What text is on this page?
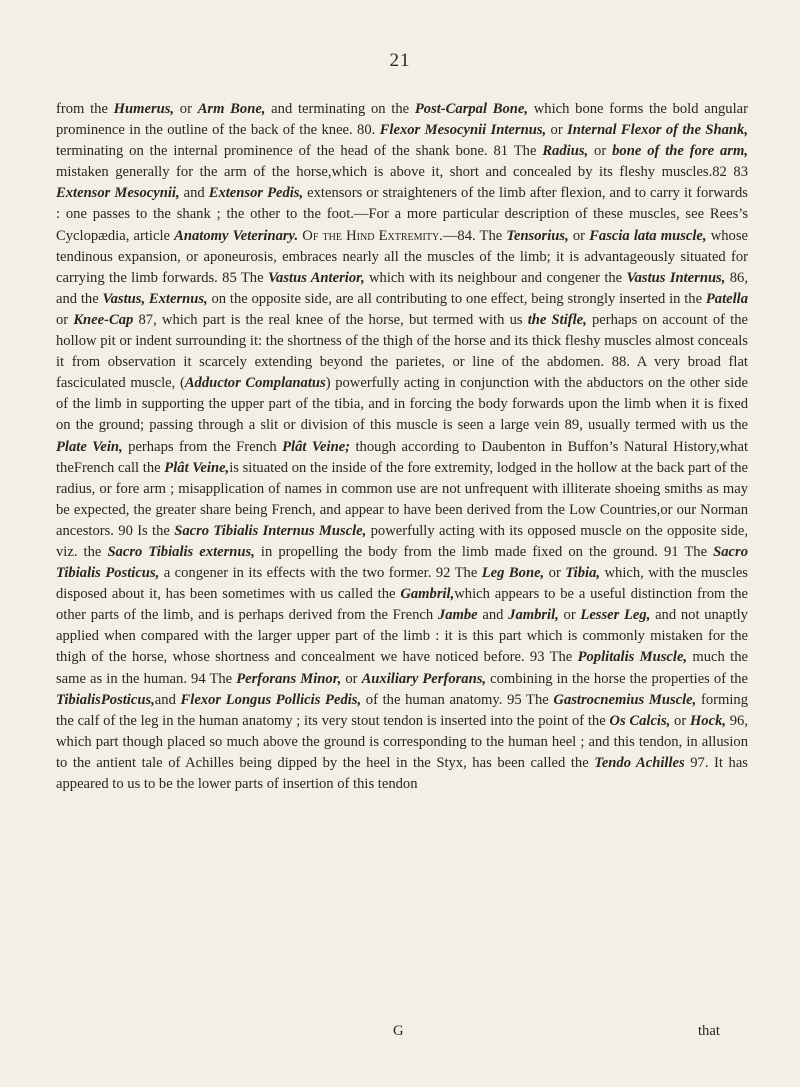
21
from the Humerus, or Arm Bone, and terminating on the Post-Carpal Bone, which bone forms the bold angular prominence in the outline of the back of the knee. 80. Flexor Mesocynii Internus, or Internal Flexor of the Shank, terminating on the internal prominence of the head of the shank bone. 81 The Radius, or bone of the fore arm, mistaken generally for the arm of the horse,which is above it, short and concealed by its fleshy muscles.82 83 Extensor Mesocynii, and Extensor Pedis, extensors or straighteners of the limb after flexion, and to carry it forwards : one passes to the shank ; the other to the foot.—For a more particular description of these muscles, see Rees’s Cyclopædia, article Anatomy Veterinary. Of the Hind Extremity.—84. The Tensorius, or Fascia lata muscle, whose tendinous expansion, or aponeurosis, embraces nearly all the muscles of the limb; it is advantageously situated for carrying the limb forwards. 85 The Vastus Anterior, which with its neighbour and congener the Vastus Internus, 86, and the Vastus, Externus, on the opposite side, are all contributing to one effect, being strongly inserted in the Patella or Knee-Cap 87, which part is the real knee of the horse, but termed with us the Stifle, perhaps on account of the hollow pit or indent surrounding it: the shortness of the thigh of the horse and its thick fleshy muscles almost conceals it from observation it scarcely extending beyond the parietes, or line of the abdomen. 88. A very broad flat fasciculated muscle, (Adductor Complanatus) powerfully acting in conjunction with the abductors on the other side of the limb in supporting the upper part of the tibia, and in forcing the body forwards upon the limb when it is fixed on the ground; passing through a slit or division of this muscle is seen a large vein 89, usually termed with us the Plate Vein, perhaps from the French Plât Veine; though according to Daubenton in Buffon’s Natural History,what theFrench call the Plât Veine,is situated on the inside of the fore extremity, lodged in the hollow at the back part of the radius, or fore arm ; misapplication of names in common use are not unfrequent with illiterate shoeing smiths as may be expected, the greater share being French, and appear to have been derived from the Low Countries,or our Norman ancestors. 90 Is the Sacro Tibialis Internus Muscle, powerfully acting with its opposed muscle on the opposite side, viz. the Sacro Tibialis externus, in propelling the body from the limb made fixed on the ground. 91 The Sacro Tibialis Posticus, a congener in its effects with the two former. 92 The Leg Bone, or Tibia, which, with the muscles disposed about it, has been sometimes with us called the Gambril,which appears to be a useful distinction from the other parts of the limb, and is perhaps derived from the French Jambe and Jambril, or Lesser Leg, and not unaptly applied when compared with the larger upper part of the limb : it is this part which is commonly mistaken for the thigh of the horse, whose shortness and concealment we have noticed before. 93 The Poplitalis Muscle, much the same as in the human. 94 The Perforans Minor, or Auxiliary Perforans, combining in the horse the properties of the TibialisPosticus,and Flexor Longus Pollicis Pedis, of the human anatomy. 95 The Gastrocnemius Muscle, forming the calf of the leg in the human anatomy ; its very stout tendon is inserted into the point of the Os Calcis, or Hock, 96, which part though placed so much above the ground is corresponding to the human heel ; and this tendon, in allusion to the antient tale of Achilles being dipped by the heel in the Styx, has been called the Tendo Achilles 97. It has appeared to us to be the lower parts of insertion of this tendon
G	that
